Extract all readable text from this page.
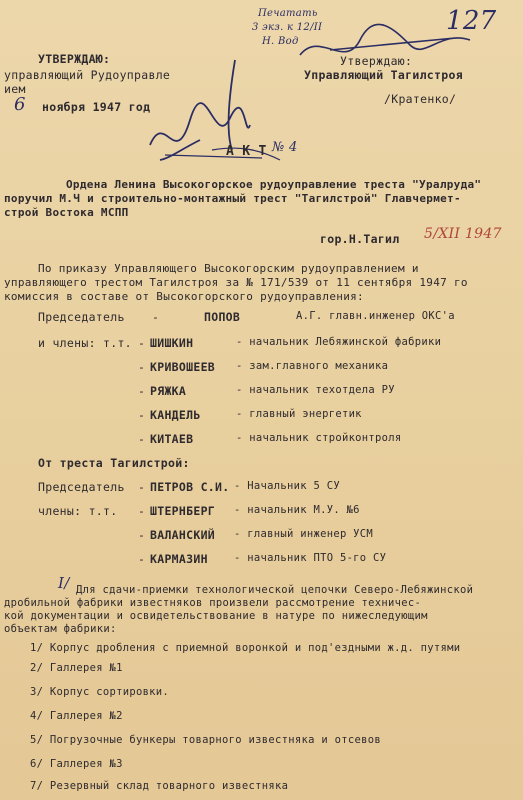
Печатать
3 экз. к 12/II
Н. Вод
127
УТВЕРЖДАЮ:
управляющий Рудоуправле
ием
6 ноября 1947 год
Утверждаю:
Управляющий Тагилстроя
/Кратенко/
А К Т № 4
Ордена Ленина Высокогорское рудоуправление треста "Уралруда"
поручил М.Ч и строительно-монтажный трест "Тагилстрой" Главчермет-
строй Востока МСПП
гор.Н.Тагил 5/XII 1947
По приказу Управляющего Высокогорским рудоуправлением и
управляющего трестом Тагилстроя за № 171/539 от 11 сентября 1947 го
комиссия в составе от Высокогорского рудоуправления:
Председатель -	ПОПОВ	А.Г. главн.инженер ОКС'а
и члены: т.т. - ШИШКИН	- начальник Лебяжинской фабрики
- КРИВОШЕЕВ - зам.главного механика
- РЯЖКА	- начальник техотдела РУ
- КАНДЕЛЬ	- главный энергетик
- КИТАЕВ	- начальник стройконтроля
От треста Тагилстрой:
Председатель - ПЕТРОВ С.И. - Начальник 5 СУ
члены: т.т. - ШТЕРНБЕРГ - начальник М.У. №6
- ВАЛАНСКИЙ - главный инженер УСМ
- КАРМАЗИН - начальник ПТО 5-го СУ
I/ Для сдачи-приемки технологической цепочки Северо-Лебяжинской
дробильной фабрики известняков произвели рассмотрение техничес-
кой документации и освидетельствование в натуре по нижеследующим
объектам фабрики:
1/ Корпус дробления с приемной воронкой и под'ездными ж.д. путями
2/ Галлерея №1
3/ Корпус сортировки.
4/ Галлерея №2
5/ Погрузочные бункеры товарного известняка и отсевов
6/ Галлерея №3
7/ Резервный склад товарного известняка
